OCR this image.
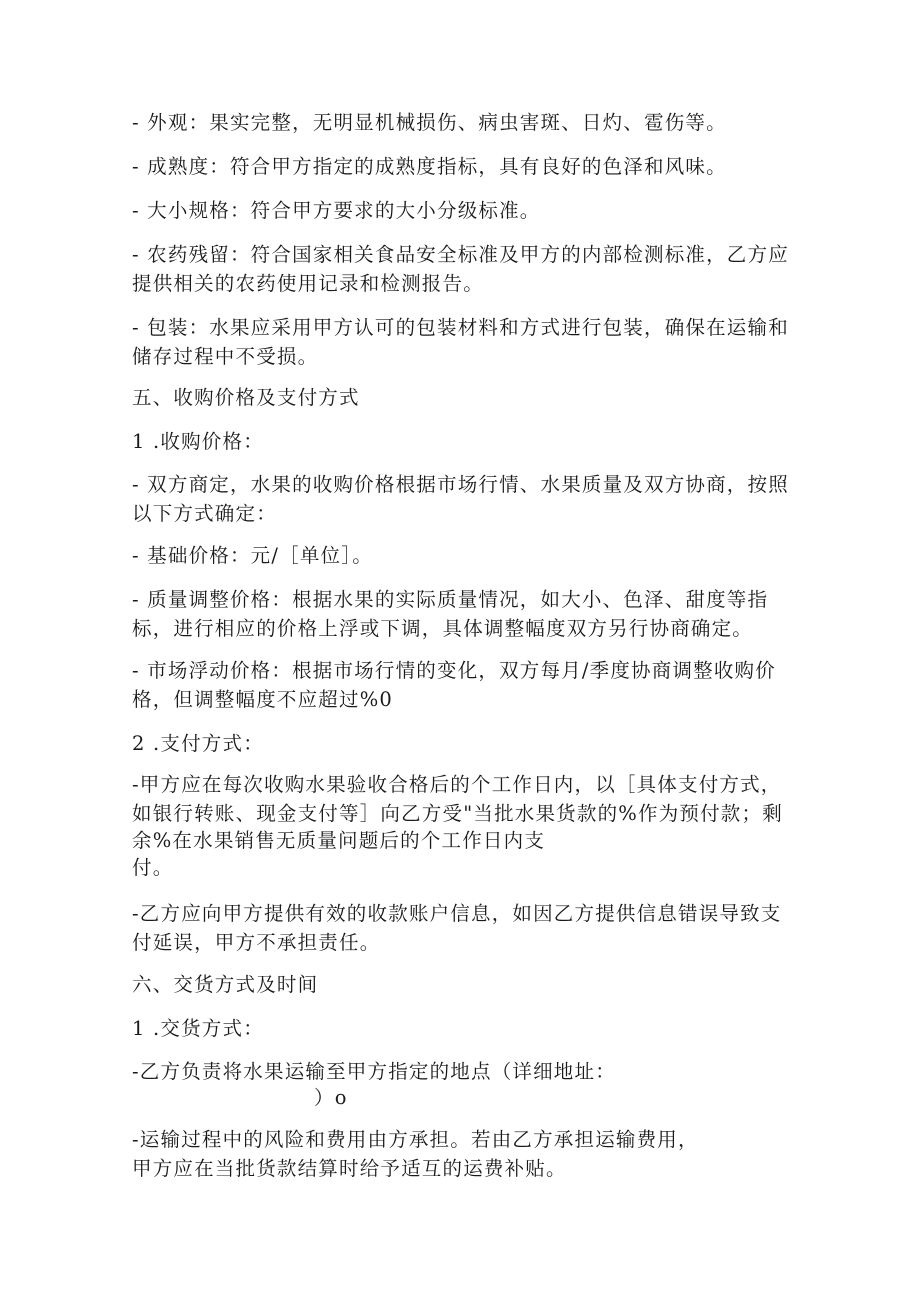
- 外观：果实完整，无明显机械损伤、病虫害斑、日灼、雹伤等。

- 成熟度：符合甲方指定的成熟度指标，具有良好的色泽和风味。

- 大小规格：符合甲方要求的大小分级标准。

- 农药残留：符合国家相关食品安全标准及甲方的内部检测标准，乙方应
提供相关的农药使用记录和检测报告。

- 包装：水果应采用甲方认可的包装材料和方式进行包装，确保在运输和
储存过程中不受损。

五、收购价格及支付方式

1 .收购价格：

- 双方商定，水果的收购价格根据市场行情、水果质量及双方协商，按照
以下方式确定：

- 基础价格：元/［单位］。

- 质量调整价格：根据水果的实际质量情况，如大小、色泽、甜度等指
标，进行相应的价格上浮或下调，具体调整幅度双方另行协商确定。

- 市场浮动价格：根据市场行情的变化，双方每月/季度协商调整收购价
格，但调整幅度不应超过%0

2 .支付方式：

-甲方应在每次收购水果验收合格后的个工作日内，以［具体支付方式，
如银行转账、现金支付等］向乙方受"当批水果货款的%作为预付款；剩
余%在水果销售无质量问题后的个工作日内支
付。

-乙方应向甲方提供有效的收款账户信息，如因乙方提供信息错误导致支
付延误，甲方不承担责任。

六、交货方式及时间

1 .交货方式：

-乙方负责将水果运输至甲方指定的地点（详细地址：
）o

-运输过程中的风险和费用由方承担。若由乙方承担运输费用，
甲方应在当批货款结算时给予适互的运费补贴。
